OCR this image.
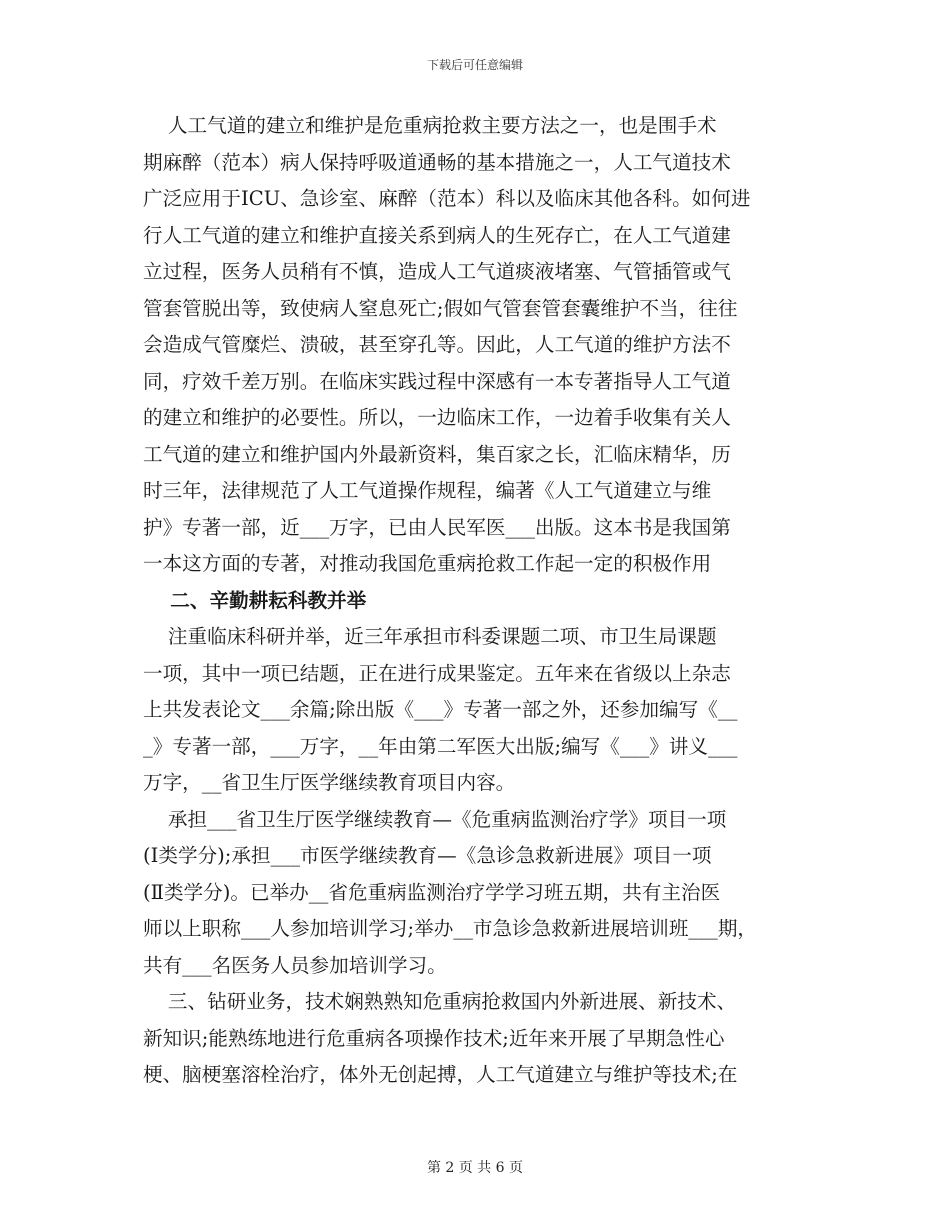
下载后可任意编辑
人工气道的建立和维护是危重病抢救主要方法之一，也是围手术
期麻醉（范本）病人保持呼吸道通畅的基本措施之一，人工气道技术
广泛应用于ICU、急诊室、麻醉（范本）科以及临床其他各科。如何进
行人工气道的建立和维护直接关系到病人的生死存亡，在人工气道建
立过程，医务人员稍有不慎，造成人工气道痰液堵塞、气管插管或气
管套管脱出等，致使病人窒息死亡;假如气管套管套囊维护不当，往往
会造成气管糜烂、溃破，甚至穿孔等。因此，人工气道的维护方法不
同，疗效千差万别。在临床实践过程中深感有一本专著指导人工气道
的建立和维护的必要性。所以，一边临床工作，一边着手收集有关人
工气道的建立和维护国内外最新资料，集百家之长，汇临床精华，历
时三年，法律规范了人工气道操作规程，编著《人工气道建立与维
护》专著一部，近___万字，已由人民军医___出版。这本书是我国第
一本这方面的专著，对推动我国危重病抢救工作起一定的积极作用
二、辛勤耕耘科教并举
注重临床科研并举，近三年承担市科委课题二项、市卫生局课题
一项，其中一项已结题，正在进行成果鉴定。五年来在省级以上杂志
上共发表论文___余篇;除出版《___》专著一部之外，还参加编写《__
_》专著一部，___万字，__年由第二军医大出版;编写《___》讲义___
万字，__省卫生厅医学继续教育项目内容。
承担___省卫生厅医学继续教育—《危重病监测治疗学》项目一项
(Ⅰ类学分);承担___市医学继续教育—《急诊急救新进展》项目一项
(Ⅱ类学分)。已举办__省危重病监测治疗学学习班五期，共有主治医
师以上职称___人参加培训学习;举办__市急诊急救新进展培训班___期，
共有___名医务人员参加培训学习。
三、钻研业务，技术娴熟熟知危重病抢救国内外新进展、新技术、
新知识;能熟练地进行危重病各项操作技术;近年来开展了早期急性心
梗、脑梗塞溶栓治疗，体外无创起搏，人工气道建立与维护等技术;在
第 2 页 共 6 页
